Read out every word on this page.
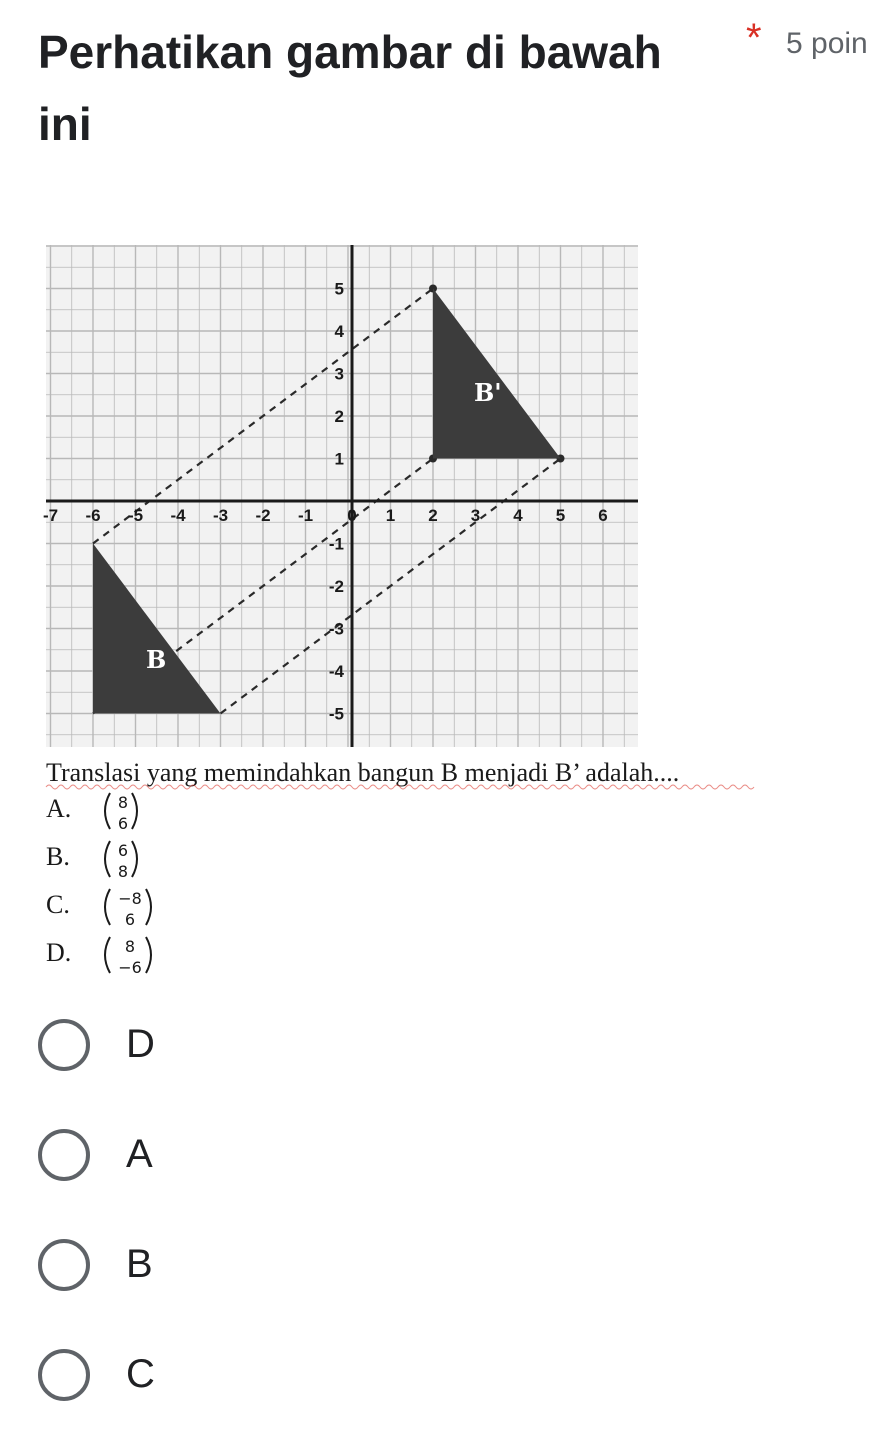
Perhatikan gambar di bawah ini
* 5 poin
-7 -6 -5 -4 -3 -2 -1 0 1 2 3 4 5 6
5
4
3
2
1
-1
-2
-3
-4
-5
B
B'
Translasi yang memindahkan bangun B menjadi B’ adalah....
A.	8
6
B.	6
8
C.	−8
6
D.	8
−6
D
A
B
C
